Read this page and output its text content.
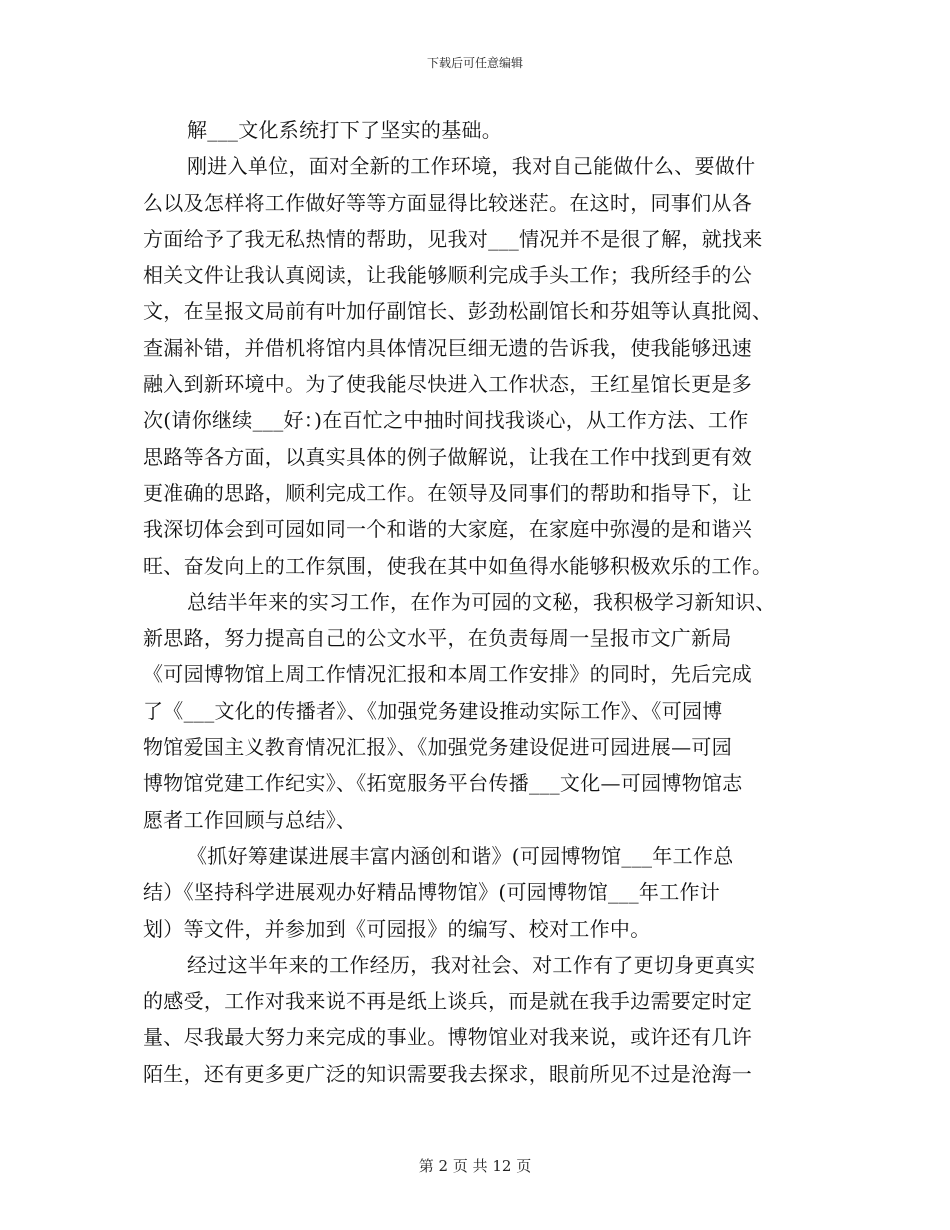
下载后可任意编辑
解___文化系统打下了坚实的基础。
刚进入单位，面对全新的工作环境，我对自己能做什么、要做什
么以及怎样将工作做好等等方面显得比较迷茫。在这时，同事们从各
方面给予了我无私热情的帮助，见我对___情况并不是很了解，就找来
相关文件让我认真阅读，让我能够顺利完成手头工作；我所经手的公
文，在呈报文局前有叶加仔副馆长、彭劲松副馆长和芬姐等认真批阅、
查漏补错，并借机将馆内具体情况巨细无遗的告诉我，使我能够迅速
融入到新环境中。为了使我能尽快进入工作状态，王红星馆长更是多
次(请你继续___好：)在百忙之中抽时间找我谈心，从工作方法、工作
思路等各方面，以真实具体的例子做解说，让我在工作中找到更有效
更准确的思路，顺利完成工作。在领导及同事们的帮助和指导下，让
我深切体会到可园如同一个和谐的大家庭，在家庭中弥漫的是和谐兴
旺、奋发向上的工作氛围，使我在其中如鱼得水能够积极欢乐的工作。
总结半年来的实习工作，在作为可园的文秘，我积极学习新知识、
新思路，努力提高自己的公文水平，在负责每周一呈报市文广新局
《可园博物馆上周工作情况汇报和本周工作安排》的同时，先后完成
了《___文化的传播者》、《加强党务建设推动实际工作》、《可园博
物馆爱国主义教育情况汇报》、《加强党务建设促进可园进展—可园
博物馆党建工作纪实》、《拓宽服务平台传播___文化—可园博物馆志
愿者工作回顾与总结》、
《抓好筹建谋进展丰富内涵创和谐》(可园博物馆___年工作总
结）《坚持科学进展观办好精品博物馆》(可园博物馆___年工作计
划）等文件，并参加到《可园报》的编写、校对工作中。
经过这半年来的工作经历，我对社会、对工作有了更切身更真实
的感受，工作对我来说不再是纸上谈兵，而是就在我手边需要定时定
量、尽我最大努力来完成的事业。博物馆业对我来说，或许还有几许
陌生，还有更多更广泛的知识需要我去探求，眼前所见不过是沧海一
第 2 页 共 12 页
